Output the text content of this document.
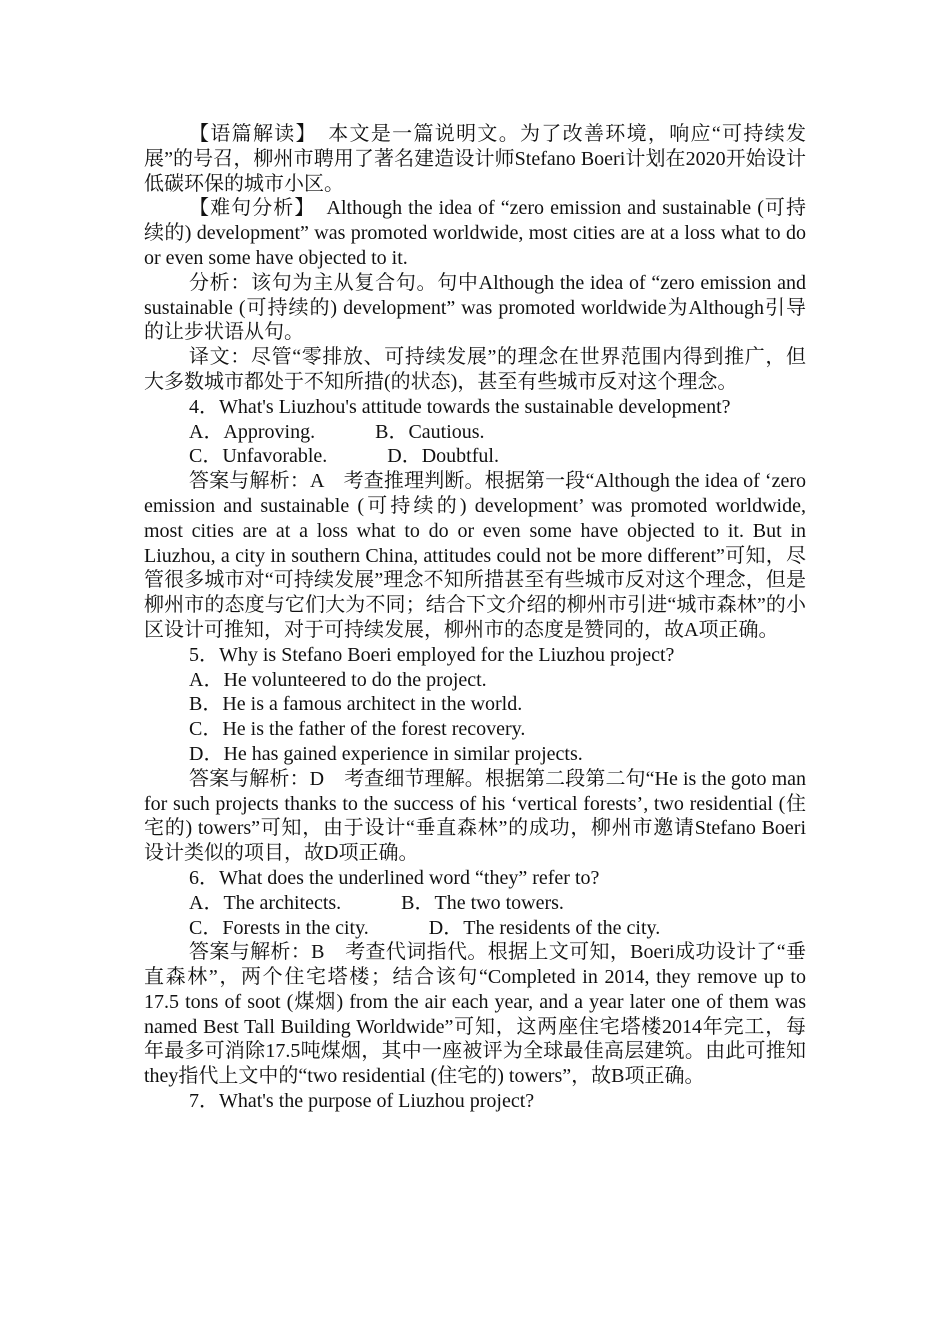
【语篇解读】　本文是一篇说明文。为了改善环境，响应“可持续发展”的号召，柳州市聘用了著名建造设计师Stefano Boeri计划在2020开始设计低碳环保的城市小区。

【难句分析】　Although the idea of “zero emission and sustainable (可持续的) development” was promoted worldwide, most cities are at a loss what to do or even some have objected to it.

分析：该句为主从复合句。句中Although the idea of “zero emission and sustainable (可持续的) development” was promoted worldwide为Although引导的让步状语从句。

译文：尽管“零排放、可持续发展”的理念在世界范围内得到推广，但大多数城市都处于不知所措(的状态)，甚至有些城市反对这个理念。

4．What's Liuzhou's attitude towards the sustainable development?

A．Approving.　　　B．Cautious.

C．Unfavorable.　　　D．Doubtful.

答案与解析：A　考查推理判断。根据第一段“Although the idea of ‘zero emission and sustainable (可持续的) development’ was promoted worldwide, most cities are at a loss what to do or even some have objected to it. But in Liuzhou, a city in southern China, attitudes could not be more different”可知，尽管很多城市对“可持续发展”理念不知所措甚至有些城市反对这个理念，但是柳州市的态度与它们大为不同；结合下文介绍的柳州市引进“城市森林”的小区设计可推知，对于可持续发展，柳州市的态度是赞同的，故A项正确。

5．Why is Stefano Boeri employed for the Liuzhou project?

A．He volunteered to do the project.

B．He is a famous architect in the world.

C．He is the father of the forest recovery.

D．He has gained experience in similar projects.

答案与解析：D　考查细节理解。根据第二段第二句“He is the goto man for such projects thanks to the success of his ‘vertical forests’, two residential (住宅的) towers”可知，由于设计“垂直森林”的成功，柳州市邀请Stefano Boeri设计类似的项目，故D项正确。

6．What does the underlined word “they” refer to?

A．The architects.　　　B．The two towers.

C．Forests in the city.　　　D．The residents of the city.

答案与解析：B　考查代词指代。根据上文可知，Boeri成功设计了“垂直森林”，两个住宅塔楼；结合该句“Completed in 2014, they remove up to 17.5 tons of soot (煤烟) from the air each year, and a year later one of them was named Best Tall Building Worldwide”可知，这两座住宅塔楼2014年完工，每年最多可消除17.5吨煤烟，其中一座被评为全球最佳高层建筑。由此可推知they指代上文中的“two residential (住宅的) towers”，故B项正确。

7．What's the purpose of Liuzhou project?
